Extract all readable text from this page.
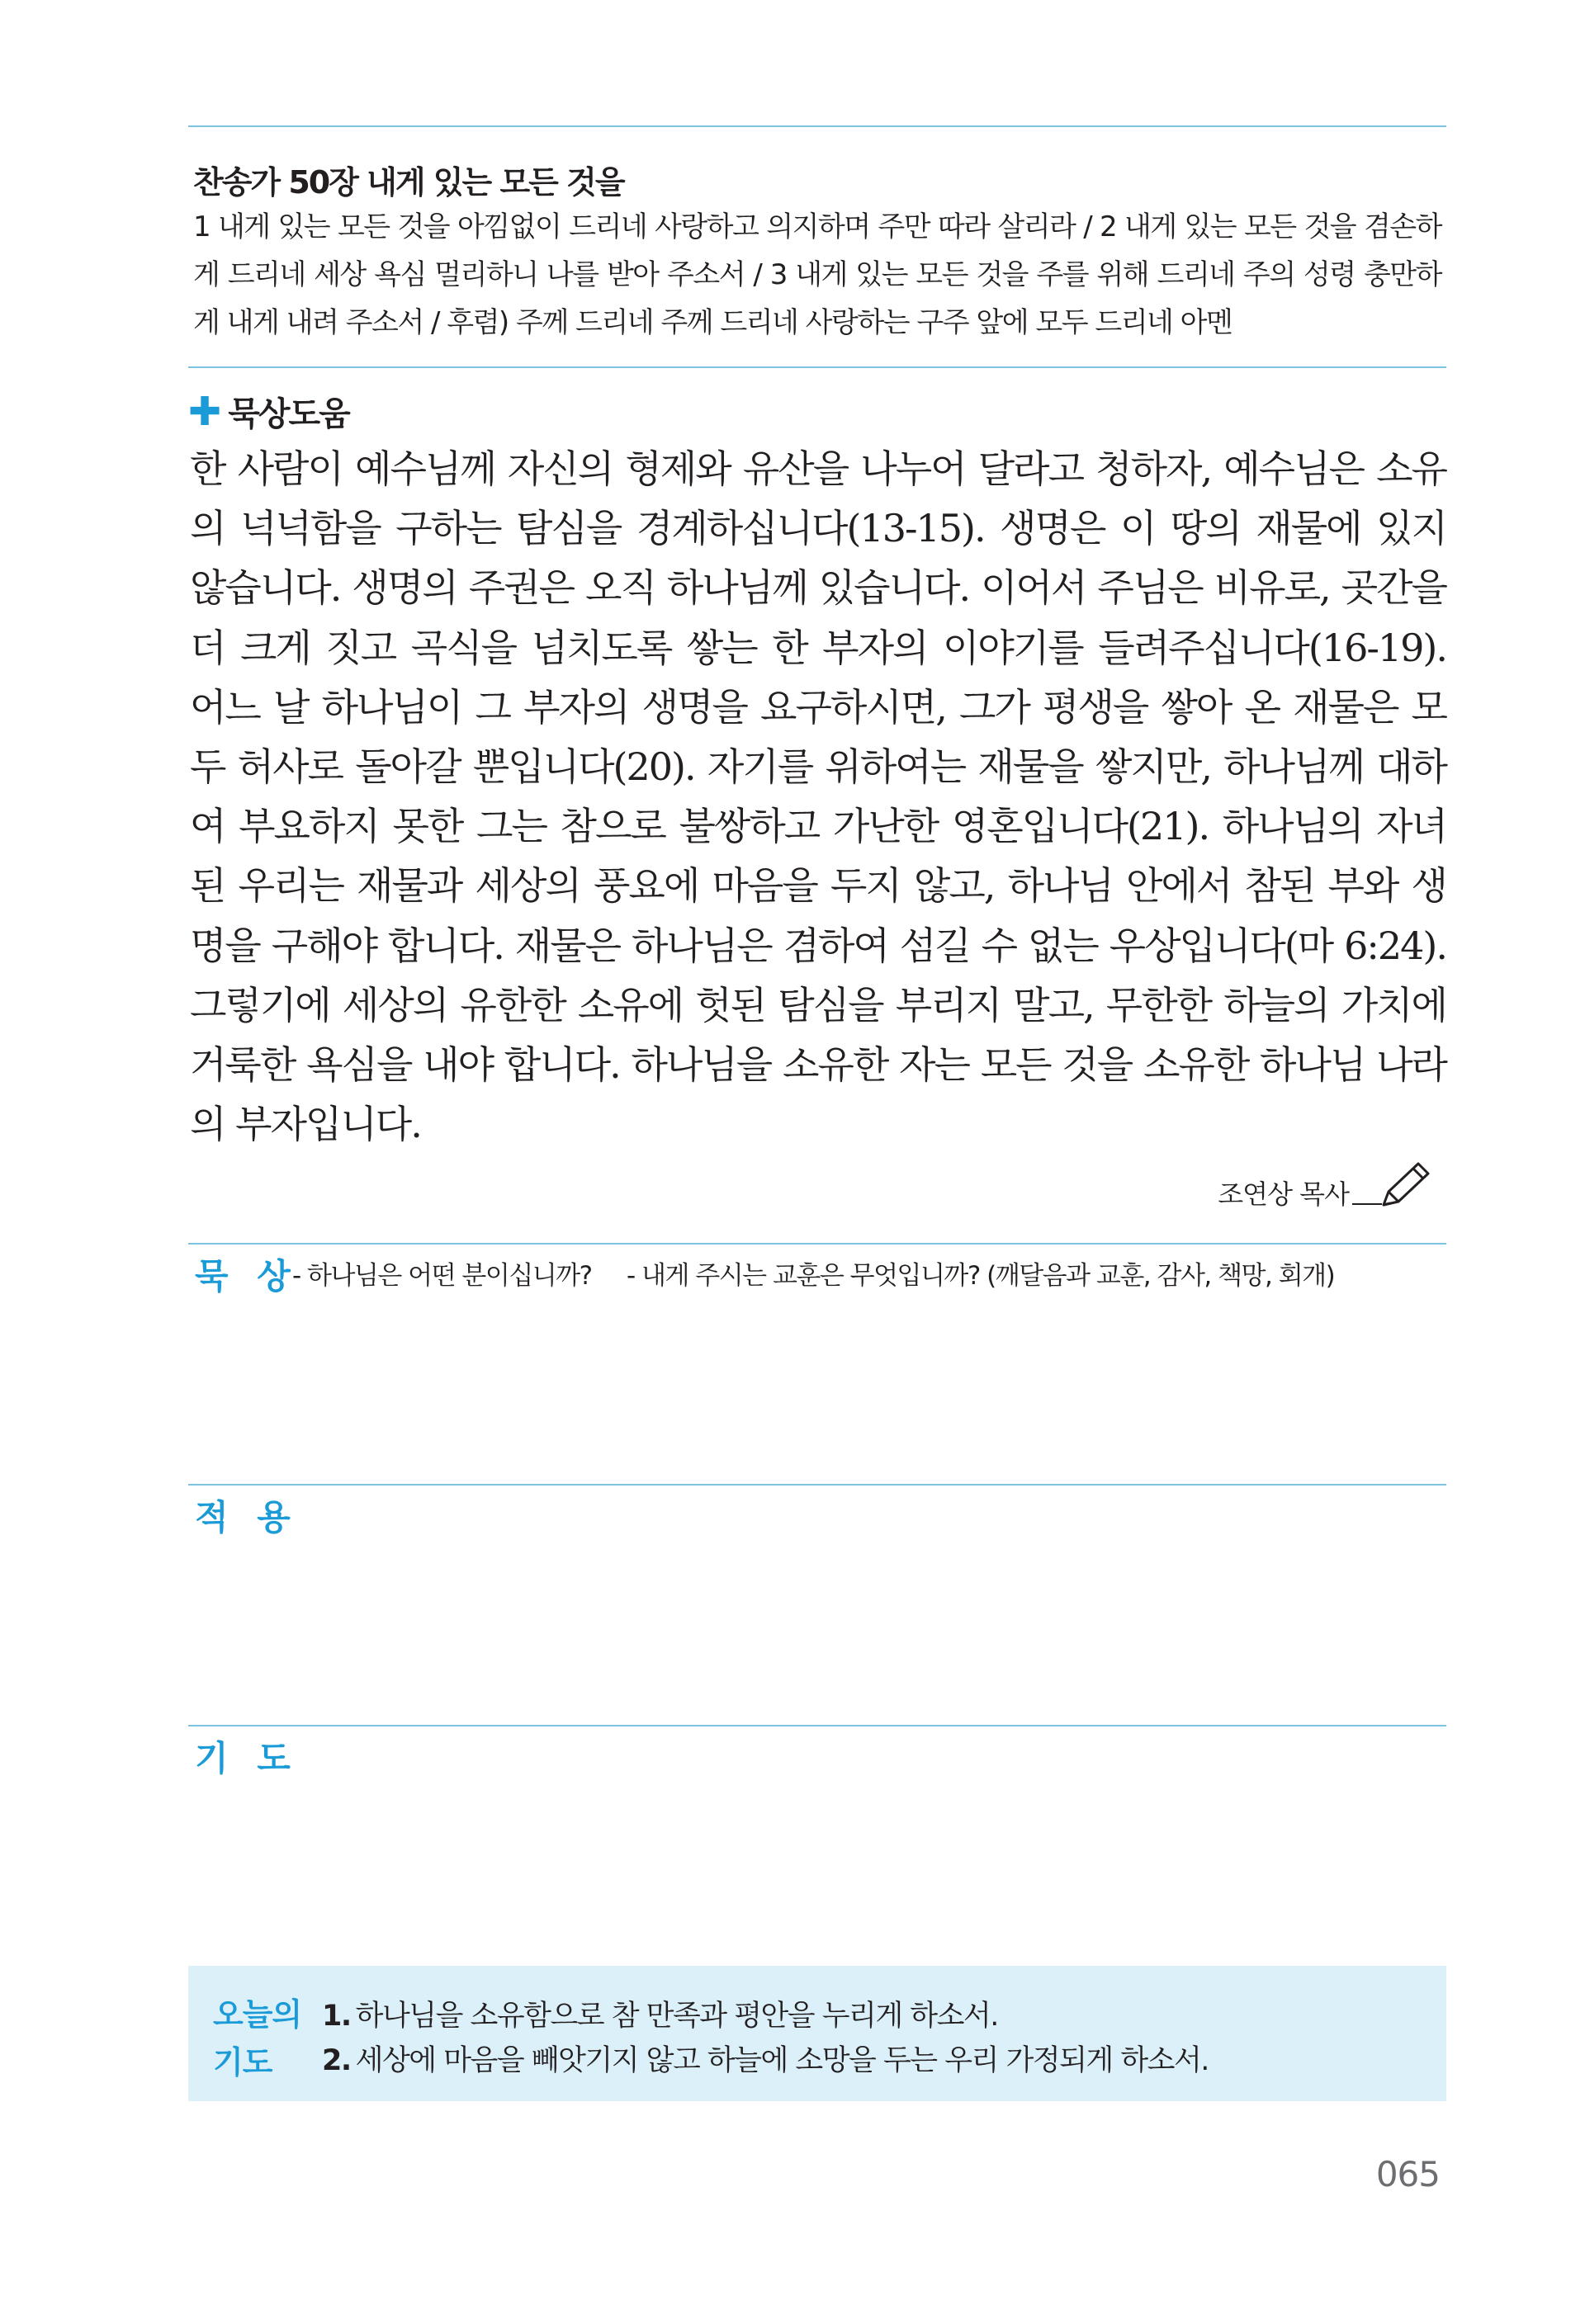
찬송가 50장 내게 있는 모든 것을
1 내게 있는 모든 것을 아낌없이 드리네 사랑하고 의지하며 주만 따라 살리라 / 2 내게 있는 모든 것을 겸손하게 드리네 세상 욕심 멀리하니 나를 받아 주소서 / 3 내게 있는 모든 것을 주를 위해 드리네 주의 성령 충만하게 내게 내려 주소서 / 후렴) 주께 드리네 주께 드리네 사랑하는 구주 앞에 모두 드리네 아멘
✚ 묵상도움
한 사람이 예수님께 자신의 형제와 유산을 나누어 달라고 청하자, 예수님은 소유의 넉넉함을 구하는 탐심을 경계하십니다(13-15). 생명은 이 땅의 재물에 있지 않습니다. 생명의 주권은 오직 하나님께 있습니다. 이어서 주님은 비유로, 곳간을 더 크게 짓고 곡식을 넘치도록 쌓는 한 부자의 이야기를 들려주십니다(16-19). 어느 날 하나님이 그 부자의 생명을 요구하시면, 그가 평생을 쌓아 온 재물은 모두 허사로 돌아갈 뿐입니다(20). 자기를 위하여는 재물을 쌓지만, 하나님께 대하여 부요하지 못한 그는 참으로 불쌍하고 가난한 영혼입니다(21). 하나님의 자녀 된 우리는 재물과 세상의 풍요에 마음을 두지 않고, 하나님 안에서 참된 부와 생명을 구해야 합니다. 재물은 하나님은 겸하여 섬길 수 없는 우상입니다(마 6:24). 그렇기에 세상의 유한한 소유에 헛된 탐심을 부리지 말고, 무한한 하늘의 가치에 거룩한 욕심을 내야 합니다. 하나님을 소유한 자는 모든 것을 소유한 하나님 나라의 부자입니다.
조연상 목사
묵 상
- 하나님은 어떤 분이십니까? - 내게 주시는 교훈은 무엇입니까? (깨달음과 교훈, 감사, 책망, 회개)
적 용
기 도
오늘의
기도
1. 하나님을 소유함으로 참 만족과 평안을 누리게 하소서.
2. 세상에 마음을 빼앗기지 않고 하늘에 소망을 두는 우리 가정되게 하소서.
065
